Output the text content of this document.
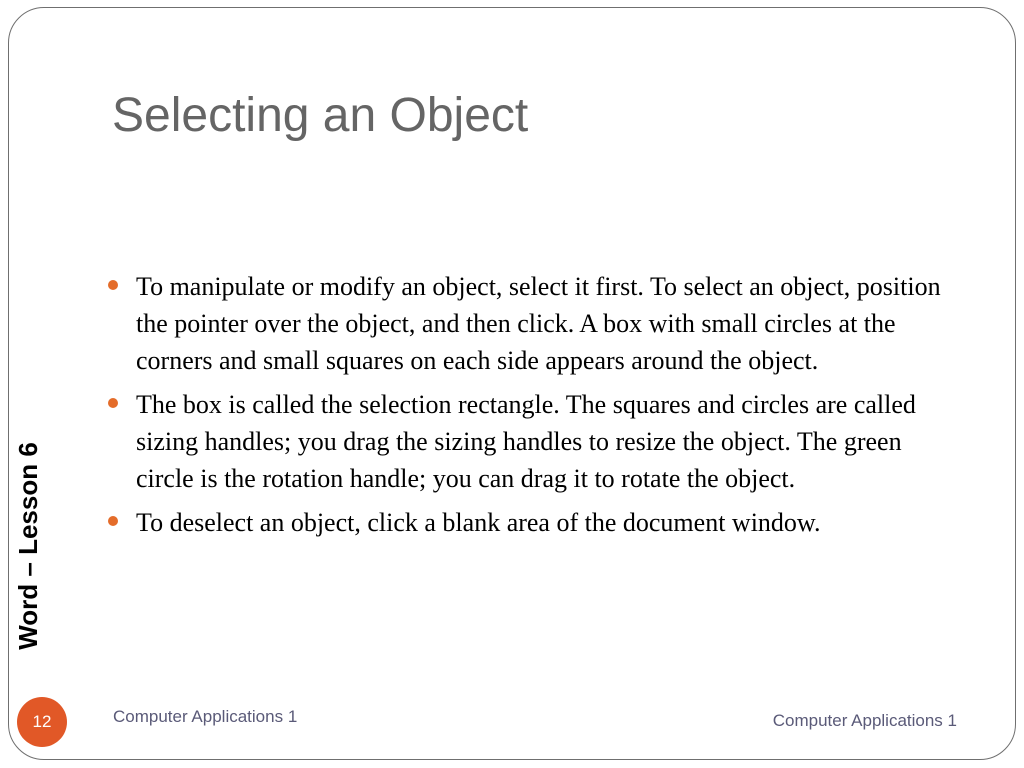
Selecting an Object
Word – Lesson 6
To manipulate or modify an object, select it first. To select an object, position the pointer over the object, and then click. A box with small circles at the corners and small squares on each side appears around the object.
The box is called the selection rectangle. The squares and circles are called sizing handles; you drag the sizing handles to resize the object. The green circle is the rotation handle; you can drag it to rotate the object.
To deselect an object, click a blank area of the document window.
12	Computer Applications 1	Computer Applications 1
